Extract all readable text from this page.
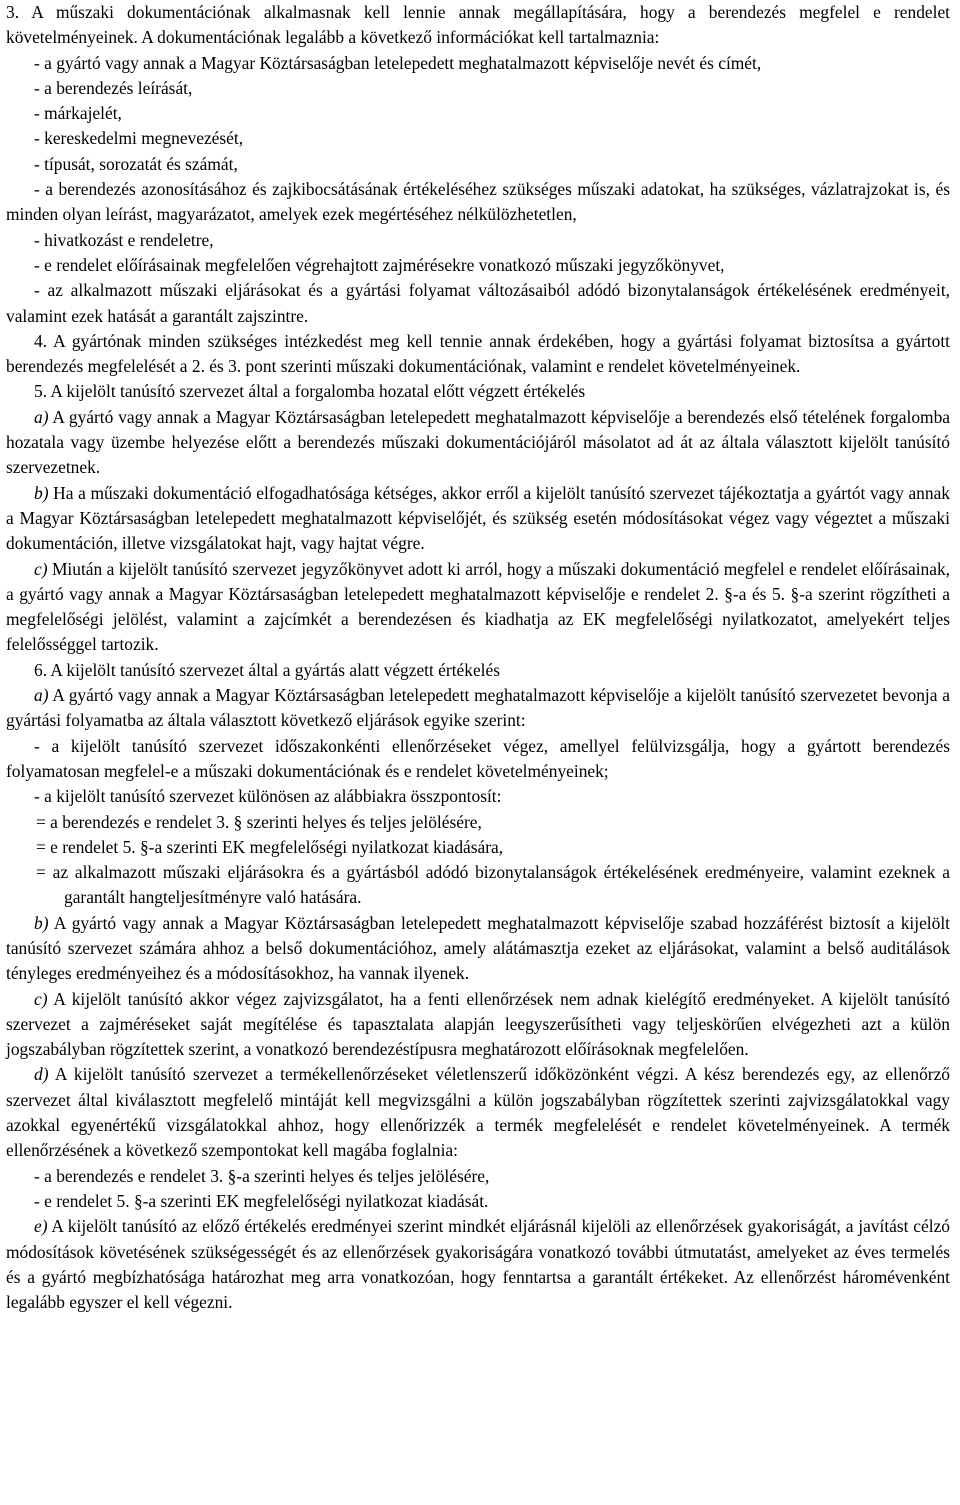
3. A műszaki dokumentációnak alkalmasnak kell lennie annak megállapítására, hogy a berendezés megfelel e rendelet követelményeinek. A dokumentációnak legalább a következő információkat kell tartalmaznia:

- a gyártó vagy annak a Magyar Köztársaságban letelepedett meghatalmazott képviselője nevét és címét,

- a berendezés leírását,

- márkajelét,

- kereskedelmi megnevezését,

- típusát, sorozatát és számát,

- a berendezés azonosításához és zajkibocsátásának értékeléséhez szükséges műszaki adatokat, ha szükséges, vázlatrajzokat is, és minden olyan leírást, magyarázatot, amelyek ezek megértéséhez nélkülözhetetlen,

- hivatkozást e rendeletre,

- e rendelet előírásainak megfelelően végrehajtott zajmérésekre vonatkozó műszaki jegyzőkönyvet,

- az alkalmazott műszaki eljárásokat és a gyártási folyamat változásaiból adódó bizonytalanságok értékelésének eredményeit, valamint ezek hatását a garantált zajszintre.

4. A gyártónak minden szükséges intézkedést meg kell tennie annak érdekében, hogy a gyártási folyamat biztosítsa a gyártott berendezés megfelelését a 2. és 3. pont szerinti műszaki dokumentációnak, valamint e rendelet követelményeinek.

5. A kijelölt tanúsító szervezet által a forgalomba hozatal előtt végzett értékelés

a) A gyártó vagy annak a Magyar Köztársaságban letelepedett meghatalmazott képviselője a berendezés első tételének forgalomba hozatala vagy üzembe helyezése előtt a berendezés műszaki dokumentációjáról másolatot ad át az általa választott kijelölt tanúsító szervezetnek.

b) Ha a műszaki dokumentáció elfogadhatósága kétséges, akkor erről a kijelölt tanúsító szervezet tájékoztatja a gyártót vagy annak a Magyar Köztársaságban letelepedett meghatalmazott képviselőjét, és szükség esetén módosításokat végez vagy végeztet a műszaki dokumentáción, illetve vizsgálatokat hajt, vagy hajtat végre.

c) Miután a kijelölt tanúsító szervezet jegyzőkönyvet adott ki arról, hogy a műszaki dokumentáció megfelel e rendelet előírásainak, a gyártó vagy annak a Magyar Köztársaságban letelepedett meghatalmazott képviselője e rendelet 2. §-a és 5. §-a szerint rögzítheti a megfelelőségi jelölést, valamint a zajcímkét a berendezésen és kiadhatja az EK megfelelőségi nyilatkozatot, amelyekért teljes felelősséggel tartozik.

6. A kijelölt tanúsító szervezet által a gyártás alatt végzett értékelés

a) A gyártó vagy annak a Magyar Köztársaságban letelepedett meghatalmazott képviselője a kijelölt tanúsító szervezetet bevonja a gyártási folyamatba az általa választott következő eljárások egyike szerint:

- a kijelölt tanúsító szervezet időszakonkénti ellenőrzéseket végez, amellyel felülvizsgálja, hogy a gyártott berendezés folyamatosan megfelel-e a műszaki dokumentációnak és e rendelet követelményeinek;

- a kijelölt tanúsító szervezet különösen az alábbiakra összpontosít:

= a berendezés e rendelet 3. § szerinti helyes és teljes jelölésére,

= e rendelet 5. §-a szerinti EK megfelelőségi nyilatkozat kiadására,

= az alkalmazott műszaki eljárásokra és a gyártásból adódó bizonytalanságok értékelésének eredményeire, valamint ezeknek a garantált hangteljesítményre való hatására.

b) A gyártó vagy annak a Magyar Köztársaságban letelepedett meghatalmazott képviselője szabad hozzáférést biztosít a kijelölt tanúsító szervezet számára ahhoz a belső dokumentációhoz, amely alátámasztja ezeket az eljárásokat, valamint a belső auditálások tényleges eredményeihez és a módosításokhoz, ha vannak ilyenek.

c) A kijelölt tanúsító akkor végez zajvizsgálatot, ha a fenti ellenőrzések nem adnak kielégítő eredményeket. A kijelölt tanúsító szervezet a zajméréseket saját megítélése és tapasztalata alapján leegyszerűsítheti vagy teljeskörűen elvégezheti azt a külön jogszabályban rögzítettek szerint, a vonatkozó berendezéstípusra meghatározott előírásoknak megfelelően.

d) A kijelölt tanúsító szervezet a termékellenőrzéseket véletlenszerű időközönként végzi. A kész berendezés egy, az ellenőrző szervezet által kiválasztott megfelelő mintáját kell megvizsgálni a külön jogszabályban rögzítettek szerinti zajvizsgálatokkal vagy azokkal egyenértékű vizsgálatokkal ahhoz, hogy ellenőrizzék a termék megfelelését e rendelet követelményeinek. A termék ellenőrzésének a következő szempontokat kell magába foglalnia:

- a berendezés e rendelet 3. §-a szerinti helyes és teljes jelölésére,

- e rendelet 5. §-a szerinti EK megfelelőségi nyilatkozat kiadását.

e) A kijelölt tanúsító az előző értékelés eredményei szerint mindkét eljárásnál kijelöli az ellenőrzések gyakoriságát, a javítást célzó módosítások követésének szükségességét és az ellenőrzések gyakoriságára vonatkozó további útmutatást, amelyeket az éves termelés és a gyártó megbízhatósága határozhat meg arra vonatkozóan, hogy fenntartsa a garantált értékeket. Az ellenőrzést háromévenként legalább egyszer el kell végezni.
